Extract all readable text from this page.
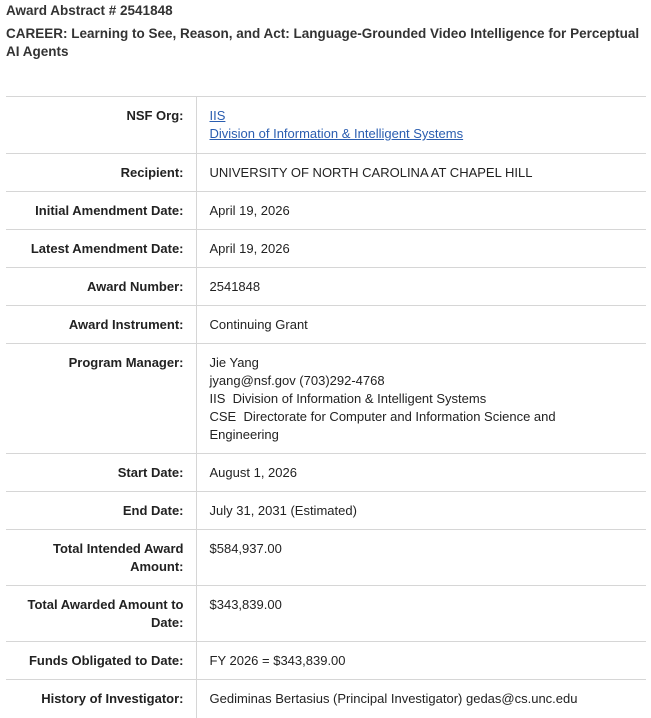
Award Abstract # 2541848
CAREER: Learning to See, Reason, and Act: Language-Grounded Video Intelligence for Perceptual AI Agents
NSF Org:	IIS
Division of Information & Intelligent Systems
Recipient:	UNIVERSITY OF NORTH CAROLINA AT CHAPEL HILL
Initial Amendment Date:	April 19, 2026
Latest Amendment Date:	April 19, 2026
Award Number:	2541848
Award Instrument:	Continuing Grant
Program Manager:	Jie Yang
jyang@nsf.gov (703)292-4768
IIS  Division of Information & Intelligent Systems
CSE  Directorate for Computer and Information Science and
Engineering

Start Date:	August 1, 2026
End Date:	July 31, 2031 (Estimated)

Total Intended Award
Amount:	$584,937.00

Total Awarded Amount to
Date:	$343,839.00
Funds Obligated to Date:	FY 2026 = $343,839.00
History of Investigator:	Gediminas Bertasius (Principal Investigator) gedas@cs.unc.edu
